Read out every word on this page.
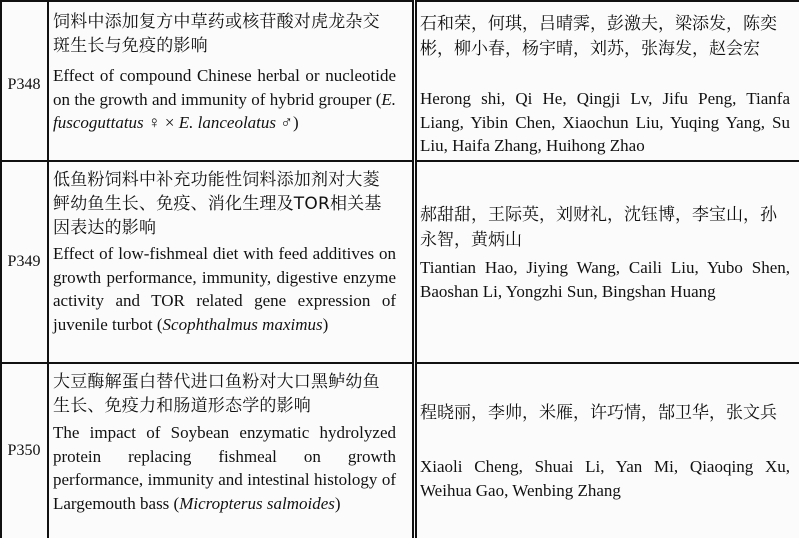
P348
饲料中添加复方中草药或核苷酸对虎龙杂交斑生长与免疫的影响
Effect of compound Chinese herbal or nucleotide on the growth and immunity of hybrid grouper (E. fuscoguttatus ♀ × E. lanceolatus ♂)
石和荣，何琪，吕晴霁，彭激夫，梁添发，陈奕彬，柳小春，杨宇晴，刘苏，张海发，赵会宏
Herong shi, Qi He, Qingji Lv, Jifu Peng, Tianfa Liang, Yibin Chen, Xiaochun Liu, Yuqing Yang, Su Liu, Haifa Zhang, Huihong Zhao
P349
低鱼粉饲料中补充功能性饲料添加剂对大菱鲆幼鱼生长、免疫、消化生理及TOR相关基因表达的影响
Effect of low-fishmeal diet with feed additives on growth performance, immunity, digestive enzyme activity and TOR related gene expression of juvenile turbot (Scophthalmus maximus)
郝甜甜，王际英，刘财礼，沈钰博，李宝山，孙永智，黄炳山
Tiantian Hao, Jiying Wang, Caili Liu, Yubo Shen, Baoshan Li, Yongzhi Sun, Bingshan Huang
P350
大豆酶解蛋白替代进口鱼粉对大口黑鲈幼鱼生长、免疫力和肠道形态学的影响
The impact of Soybean enzymatic hydrolyzed protein replacing fishmeal on growth performance, immunity and intestinal histology of Largemouth bass (Micropterus salmoides)
程晓丽，李帅，米雁，许巧情，郜卫华，张文兵
Xiaoli Cheng, Shuai Li, Yan Mi, Qiaoqing Xu, Weihua Gao, Wenbing Zhang
